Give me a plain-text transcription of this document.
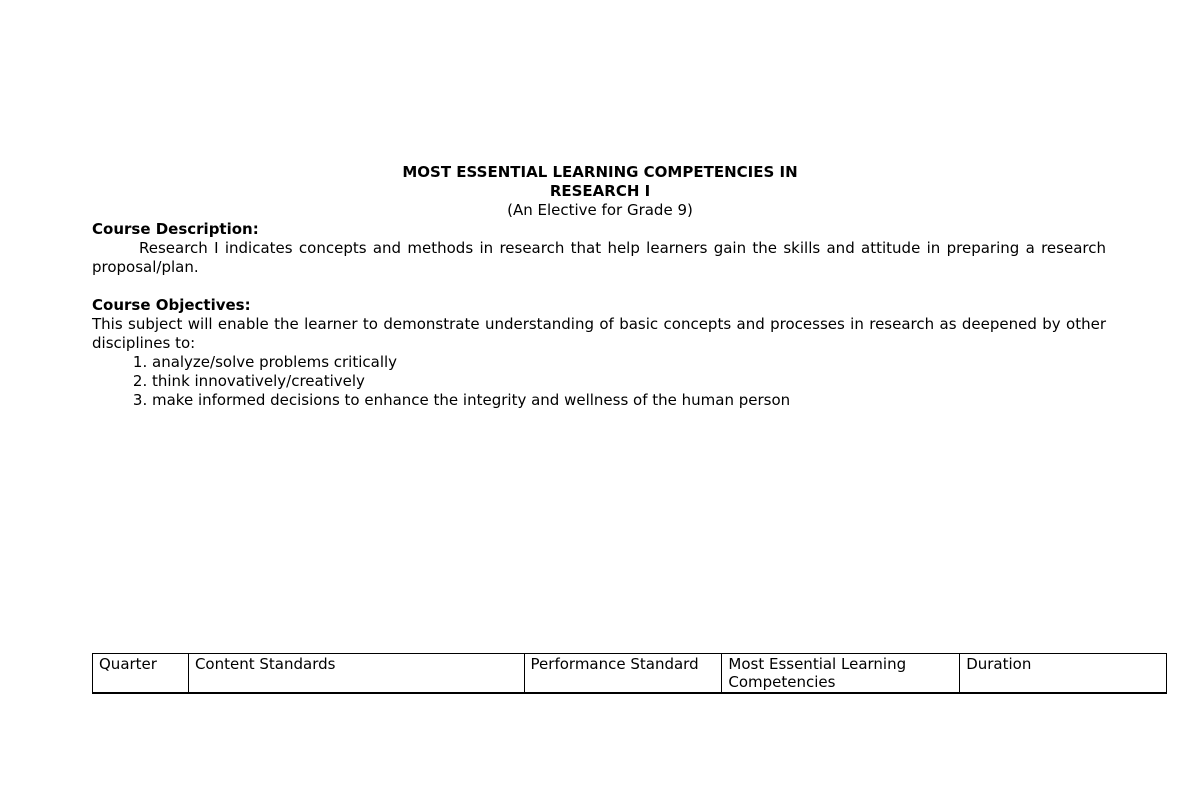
MOST ESSENTIAL LEARNING COMPETENCIES IN
RESEARCH I
(An Elective for Grade 9)
Course Description:

Research I indicates concepts and methods in research that help learners gain the skills and attitude in preparing a research proposal/plan.

Course Objectives:

This subject will enable the learner to demonstrate understanding of basic concepts and processes in research as deepened by other disciplines to:

1. analyze/solve problems critically
2. think innovatively/creatively
3. make informed decisions to enhance the integrity and wellness of the human person
Quarter	Content Standards	Performance Standard	Most Essential Learning Competencies	Duration
